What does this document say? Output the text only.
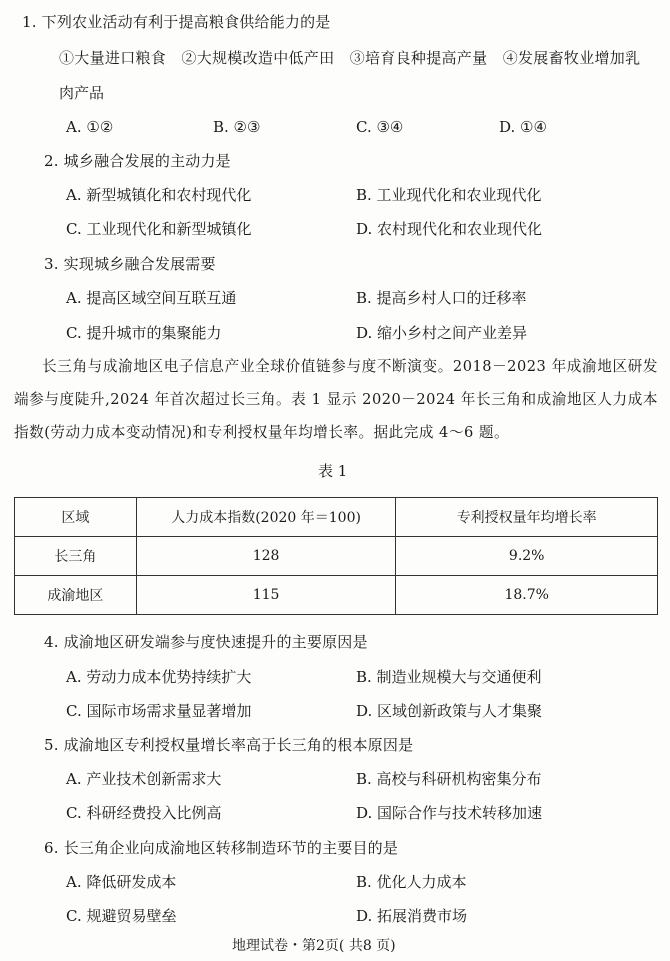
1. 下列农业活动有利于提高粮食供给能力的是
①大量进口粮食　②大规模改造中低产田　③培育良种提高产量　④发展畜牧业增加乳
肉产品
A. ①②	B. ②③	C. ③④	D. ①④
2. 城乡融合发展的主动力是
A. 新型城镇化和农村现代化	B. 工业现代化和农业现代化
C. 工业现代化和新型城镇化	D. 农村现代化和农业现代化
3. 实现城乡融合发展需要
A. 提高区域空间互联互通	B. 提高乡村人口的迁移率
C. 提升城市的集聚能力	D. 缩小乡村之间产业差异
长三角与成渝地区电子信息产业全球价值链参与度不断演变。2018－2023 年成渝地区研发端参与度陡升,2024 年首次超过长三角。表 1 显示 2020－2024 年长三角和成渝地区人力成本指数(劳动力成本变动情况)和专利授权量年均增长率。据此完成 4～6 题。
表 1
区域	人力成本指数(2020 年＝100)	专利授权量年均增长率
长三角	128	9.2%
成渝地区	115	18.7%
4. 成渝地区研发端参与度快速提升的主要原因是
A. 劳动力成本优势持续扩大	B. 制造业规模大与交通便利
C. 国际市场需求量显著增加	D. 区域创新政策与人才集聚
5. 成渝地区专利授权量增长率高于长三角的根本原因是
A. 产业技术创新需求大	B. 高校与科研机构密集分布
C. 科研经费投入比例高	D. 国际合作与技术转移加速
6. 长三角企业向成渝地区转移制造环节的主要目的是
A. 降低研发成本	B. 优化人力成本
C. 规避贸易壁垒	D. 拓展消费市场
地理试卷・第2页( 共8 页)
